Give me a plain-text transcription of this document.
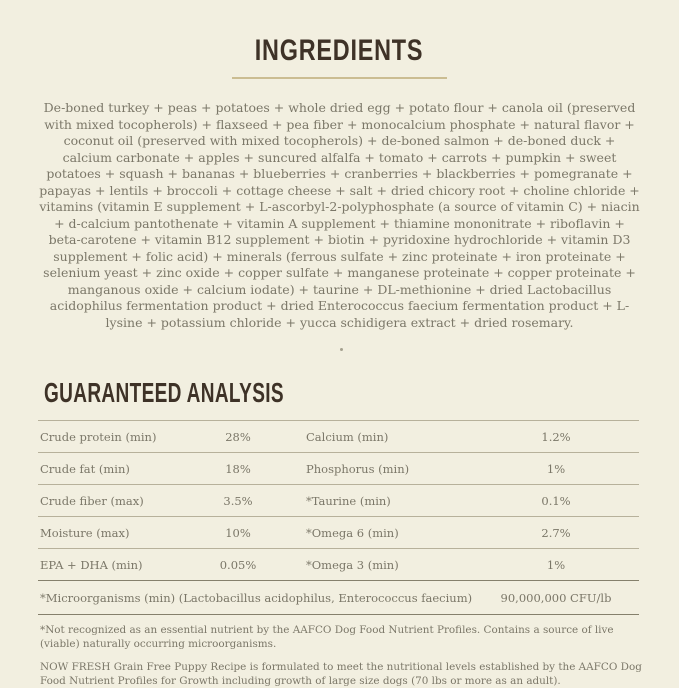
INGREDIENTS

De-boned turkey + peas + potatoes + whole dried egg + potato flour + canola oil (preserved with mixed tocopherols) + flaxseed + pea fiber + monocalcium phosphate + natural flavor + coconut oil (preserved with mixed tocopherols) + de-boned salmon + de-boned duck + calcium carbonate + apples + suncured alfalfa + tomato + carrots + pumpkin + sweet potatoes + squash + bananas + blueberries + cranberries + blackberries + pomegranate + papayas + lentils + broccoli + cottage cheese + salt + dried chicory root + choline chloride + vitamins (vitamin E supplement + L-ascorbyl-2-polyphosphate (a source of vitamin C) + niacin + d-calcium pantothenate + vitamin A supplement + thiamine mononitrate + riboflavin + beta-carotene + vitamin B12 supplement + biotin + pyridoxine hydrochloride + vitamin D3 supplement + folic acid) + minerals (ferrous sulfate + zinc proteinate + iron proteinate + selenium yeast + zinc oxide + copper sulfate + manganese proteinate + copper proteinate + manganous oxide + calcium iodate) + taurine + DL-methionine + dried Lactobacillus acidophilus fermentation product + dried Enterococcus faecium fermentation product + L-lysine + potassium chloride + yucca schidigera extract + dried rosemary.

GUARANTEED ANALYSIS
Crude protein (min)	28%	Calcium (min)	1.2%
Crude fat (min)	18%	Phosphorus (min)	1%
Crude fiber (max)	3.5%	*Taurine (min)	0.1%
Moisture (max)	10%	*Omega 6 (min)	2.7%
EPA + DHA (min)	0.05%	*Omega 3 (min)	1%
*Microorganisms (min) (Lactobacillus acidophilus, Enterococcus faecium)	90,000,000 CFU/lb

*Not recognized as an essential nutrient by the AAFCO Dog Food Nutrient Profiles. Contains a source of live (viable) naturally occurring microorganisms.

NOW FRESH Grain Free Puppy Recipe is formulated to meet the nutritional levels established by the AAFCO Dog Food Nutrient Profiles for Growth including growth of large size dogs (70 lbs or more as an adult).
